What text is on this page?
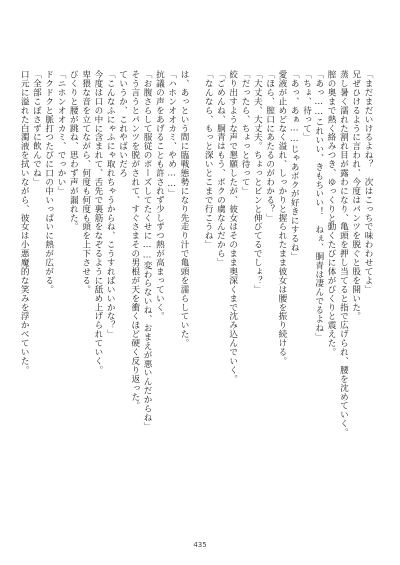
「まだまだいけるよね？　次はこっちで味わわせてよ」

兄ぜひけるように言われ、今度はパンツを脱ぐと股を開いた。

蒸し暑く濡れた割れ目が露わになり、亀頭を押し当てると指で広げられ、腰を沈めていく。

膣の奥まで熱く絡みつき、ゆっくりと動くたびに体がびくりと震えた。

「あっ……これいい、きもちいい！　ねぇ、胴青は凄んでるよね」

「ちょ、待って」

「あっ、あぁ……じゃあボクが好きにするね」

愛液が止めどなく溢れ、しっかりと握られたまま彼女は腰を振り続ける。

「ほら、膣口にあたるのがわかる？」

「大丈夫、大丈夫。ちょっとビンと伸びてるでしょ？」

「だったら、ちょっと待って」

絞り出すような声で懇願したが、彼女はそのまま奥深くまで沈み込んでいく。

「ごめんね、胴青はもう、ボクの虜なんだから」

「なんなら、もっと深いとこまで行こうね」

は、あっという間に臨戦態勢になり先走り汁で亀頭を濡らしていた。

「ハホンオオカミ、やめ……」

抗議の声をあげることも許されず少しずつ熱が高まっていく。

「お腹さらして服従のポーズしてたくせに……変わらないね、おまえが悪いんだからね」

そう言うとパンツを脱がされて、すぐさまその男根が天を衝くほど硬く反り返った。

ていうか、これやばいだろ

「こんなふにゃふにゃ取れちゃうからね、こうすればいいかな？」

今度は口の中に含まれて、舌先で裏筋をなぞるように舐め上げられていく。

卑猥な音を立てながら、何度も何度も頭を上下させる。

びくりと腰が跳ね、思わず声が漏れた。

「ニホンオオカミ、でっかい」

ドクドクと脈打つたびに口の中いっぱいに熱が広がる。

「全部こぼさずに飲んでね」

口元に溢れた白濁液を拭いながら、彼女は小悪魔的な笑みを浮かべていた。

435
